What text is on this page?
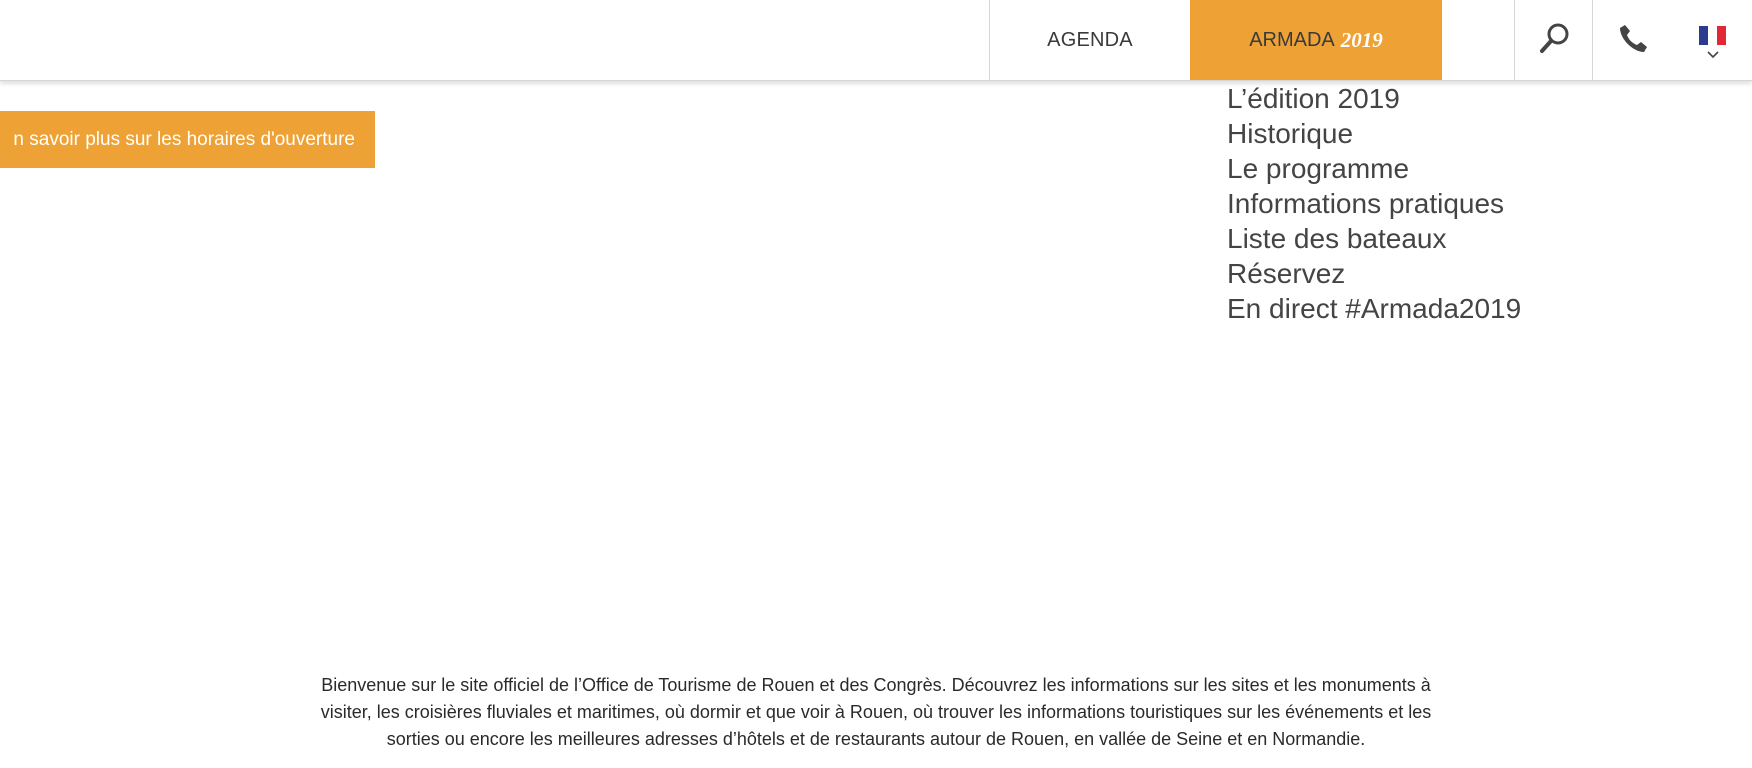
AGENDA	ARMADA 2019
n savoir plus sur les horaires d'ouverture
L’édition 2019
Historique
Le programme
Informations pratiques
Liste des bateaux
Réservez
En direct #Armada2019

Bienvenue sur le site officiel de l’Office de Tourisme de Rouen et des Congrès. Découvrez les informations sur les sites et les monuments à visiter, les croisières fluviales et maritimes, où dormir et que voir à Rouen, où trouver les informations touristiques sur les événements et les sorties ou encore les meilleures adresses d’hôtels et de restaurants autour de Rouen, en vallée de Seine et en Normandie.
